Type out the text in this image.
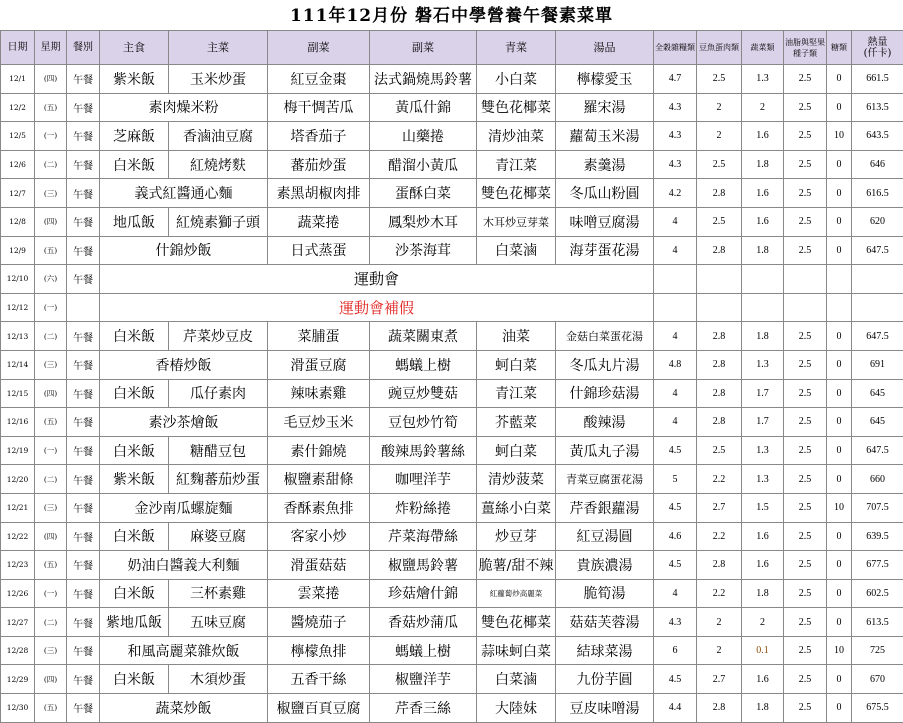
111年12月份 磐石中學營養午餐素菜單
日期	星期	餐別	主食	主菜	副菜	副菜	青菜	湯品	全穀雜糧類	豆魚蛋肉類	蔬菜類	油脂與堅果種子類	糖類	熱量
(仟卡)
12/1	(四)	午餐	紫米飯	玉米炒蛋	紅豆金棗	法式鍋燒馬鈴薯	小白菜	檸檬愛玉	4.7	2.5	1.3	2.5	0	661.5
12/2	(五)	午餐	素肉燥米粉		梅干惆苦瓜	黃瓜什錦	雙色花椰菜	羅宋湯	4.3	2	2	2.5	0	613.5
12/5	(一)	午餐	芝麻飯	香滷油豆腐	塔香茄子	山藥捲	清炒油菜	蘿蔔玉米湯	4.3	2	1.6	2.5	10	643.5
12/6	(二)	午餐	白米飯	紅燒烤麩	蕃茄炒蛋	醋溜小黃瓜	青江菜	素羹湯	4.3	2.5	1.8	2.5	0	646
12/7	(三)	午餐	義式紅醬通心麵		素黑胡椒肉排	蛋酥白菜	雙色花椰菜	冬瓜山粉圓	4.2	2.8	1.6	2.5	0	616.5
12/8	(四)	午餐	地瓜飯	紅燒素獅子頭	蔬菜捲	鳳梨炒木耳	木耳炒豆芽菜	味噌豆腐湯	4	2.5	1.6	2.5	0	620
12/9	(五)	午餐	什錦炒飯		日式蒸蛋	沙茶海茸	白菜滷	海芽蛋花湯	4	2.8	1.8	2.5	0	647.5
12/10	(六)	午餐	運動會											
12/12	(一)		運動會補假											
12/13	(二)	午餐	白米飯	芹菜炒豆皮	菜脯蛋	蔬菜關東煮	油菜	金菇白菜蛋花湯	4	2.8	1.8	2.5	0	647.5
12/14	(三)	午餐	香椿炒飯		滑蛋豆腐	螞蟻上樹	蚵白菜	冬瓜丸片湯	4.8	2.8	1.3	2.5	0	691
12/15	(四)	午餐	白米飯	瓜仔素肉	辣味素雞	豌豆炒雙菇	青江菜	什錦珍菇湯	4	2.8	1.7	2.5	0	645
12/16	(五)	午餐	素沙茶燴飯		毛豆炒玉米	豆包炒竹筍	芥藍菜	酸辣湯	4	2.8	1.7	2.5	0	645
12/19	(一)	午餐	白米飯	糖醋豆包	素什錦燒	酸辣馬鈴薯絲	蚵白菜	黃瓜丸子湯	4.5	2.5	1.3	2.5	0	647.5
12/20	(二)	午餐	紫米飯	紅麴蕃茄炒蛋	椒鹽素甜條	咖哩洋芋	清炒菠菜	青菜豆腐蛋花湯	5	2.2	1.3	2.5	0	660
12/21	(三)	午餐	金沙南瓜螺旋麵		香酥素魚排	炸粉絲捲	薑絲小白菜	芹香銀蘿湯	4.5	2.7	1.5	2.5	10	707.5
12/22	(四)	午餐	白米飯	麻婆豆腐	客家小炒	芹菜海帶絲	炒豆芽	紅豆湯圓	4.6	2.2	1.6	2.5	0	639.5
12/23	(五)	午餐	奶油白醬義大利麵		滑蛋菇菇	椒鹽馬鈴薯	脆薯/甜不辣	貴族濃湯	4.5	2.8	1.6	2.5	0	677.5
12/26	(一)	午餐	白米飯	三杯素雞	雲菜捲	珍菇燴什錦	紅蘿蔔炒高麗菜	脆筍湯	4	2.2	1.8	2.5	0	602.5
12/27	(二)	午餐	紫地瓜飯	五味豆腐	醬燒茄子	香菇炒蒲瓜	雙色花椰菜	菇菇芙蓉湯	4.3	2	2	2.5	0	613.5
12/28	(三)	午餐	和風高麗菜雜炊飯		檸檬魚排	螞蟻上樹	蒜味蚵白菜	結球菜湯	6	2	0.1	2.5	10	725
12/29	(四)	午餐	白米飯	木須炒蛋	五香干絲	椒鹽洋芋	白菜滷	九份芋圓	4.5	2.7	1.6	2.5	0	670
12/30	(五)	午餐	蔬菜炒飯		椒鹽百頁豆腐	芹香三絲	大陸妹	豆皮味噌湯	4.4	2.8	1.8	2.5	0	675.5
